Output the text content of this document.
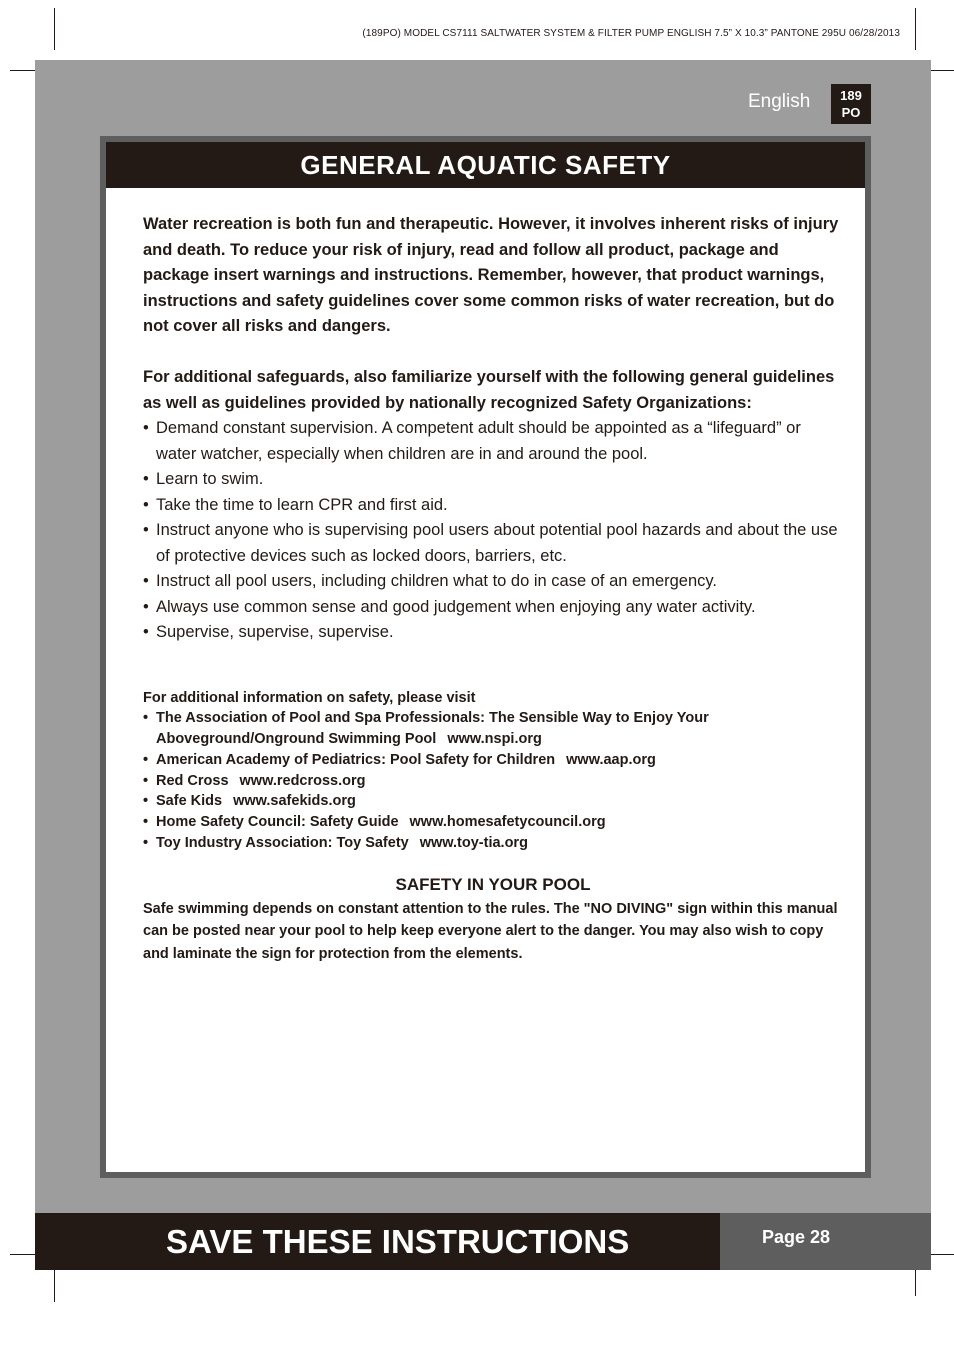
(189PO) MODEL CS7111 SALTWATER SYSTEM & FILTER PUMP ENGLISH 7.5” X 10.3” PANTONE 295U 06/28/2013
English	189
PO
GENERAL AQUATIC SAFETY

Water recreation is both fun and therapeutic. However, it involves inherent risks of injury and death. To reduce your risk of injury, read and follow all product, package and package insert warnings and instructions. Remember, however, that product warnings, instructions and safety guidelines cover some common risks of water recreation, but do not cover all risks and dangers.

For additional safeguards, also familiarize yourself with the following general guidelines as well as guidelines provided by nationally recognized Safety Organizations:

• Demand constant supervision. A competent adult should be appointed as a “lifeguard” or water watcher, especially when children are in and around the pool.
• Learn to swim.
• Take the time to learn CPR and first aid.
• Instruct anyone who is supervising pool users about potential pool hazards and about the use of protective devices such as locked doors, barriers, etc.
• Instruct all pool users, including children what to do in case of an emergency.
• Always use common sense and good judgement when enjoying any water activity.
• Supervise, supervise, supervise.

For additional information on safety, please visit

• The Association of Pool and Spa Professionals: The Sensible Way to Enjoy Your Aboveground/Onground Swimming Pool www.nspi.org
• American Academy of Pediatrics: Pool Safety for Children www.aap.org
• Red Cross www.redcross.org
• Safe Kids www.safekids.org
• Home Safety Council: Safety Guide www.homesafetycouncil.org
• Toy Industry Association: Toy Safety www.toy-tia.org
SAFETY IN YOUR POOL

Safe swimming depends on constant attention to the rules. The "NO DIVING" sign within this manual can be posted near your pool to help keep everyone alert to the danger. You may also wish to copy and laminate the sign for protection from the elements.

SAVE THESE INSTRUCTIONS	Page 28
